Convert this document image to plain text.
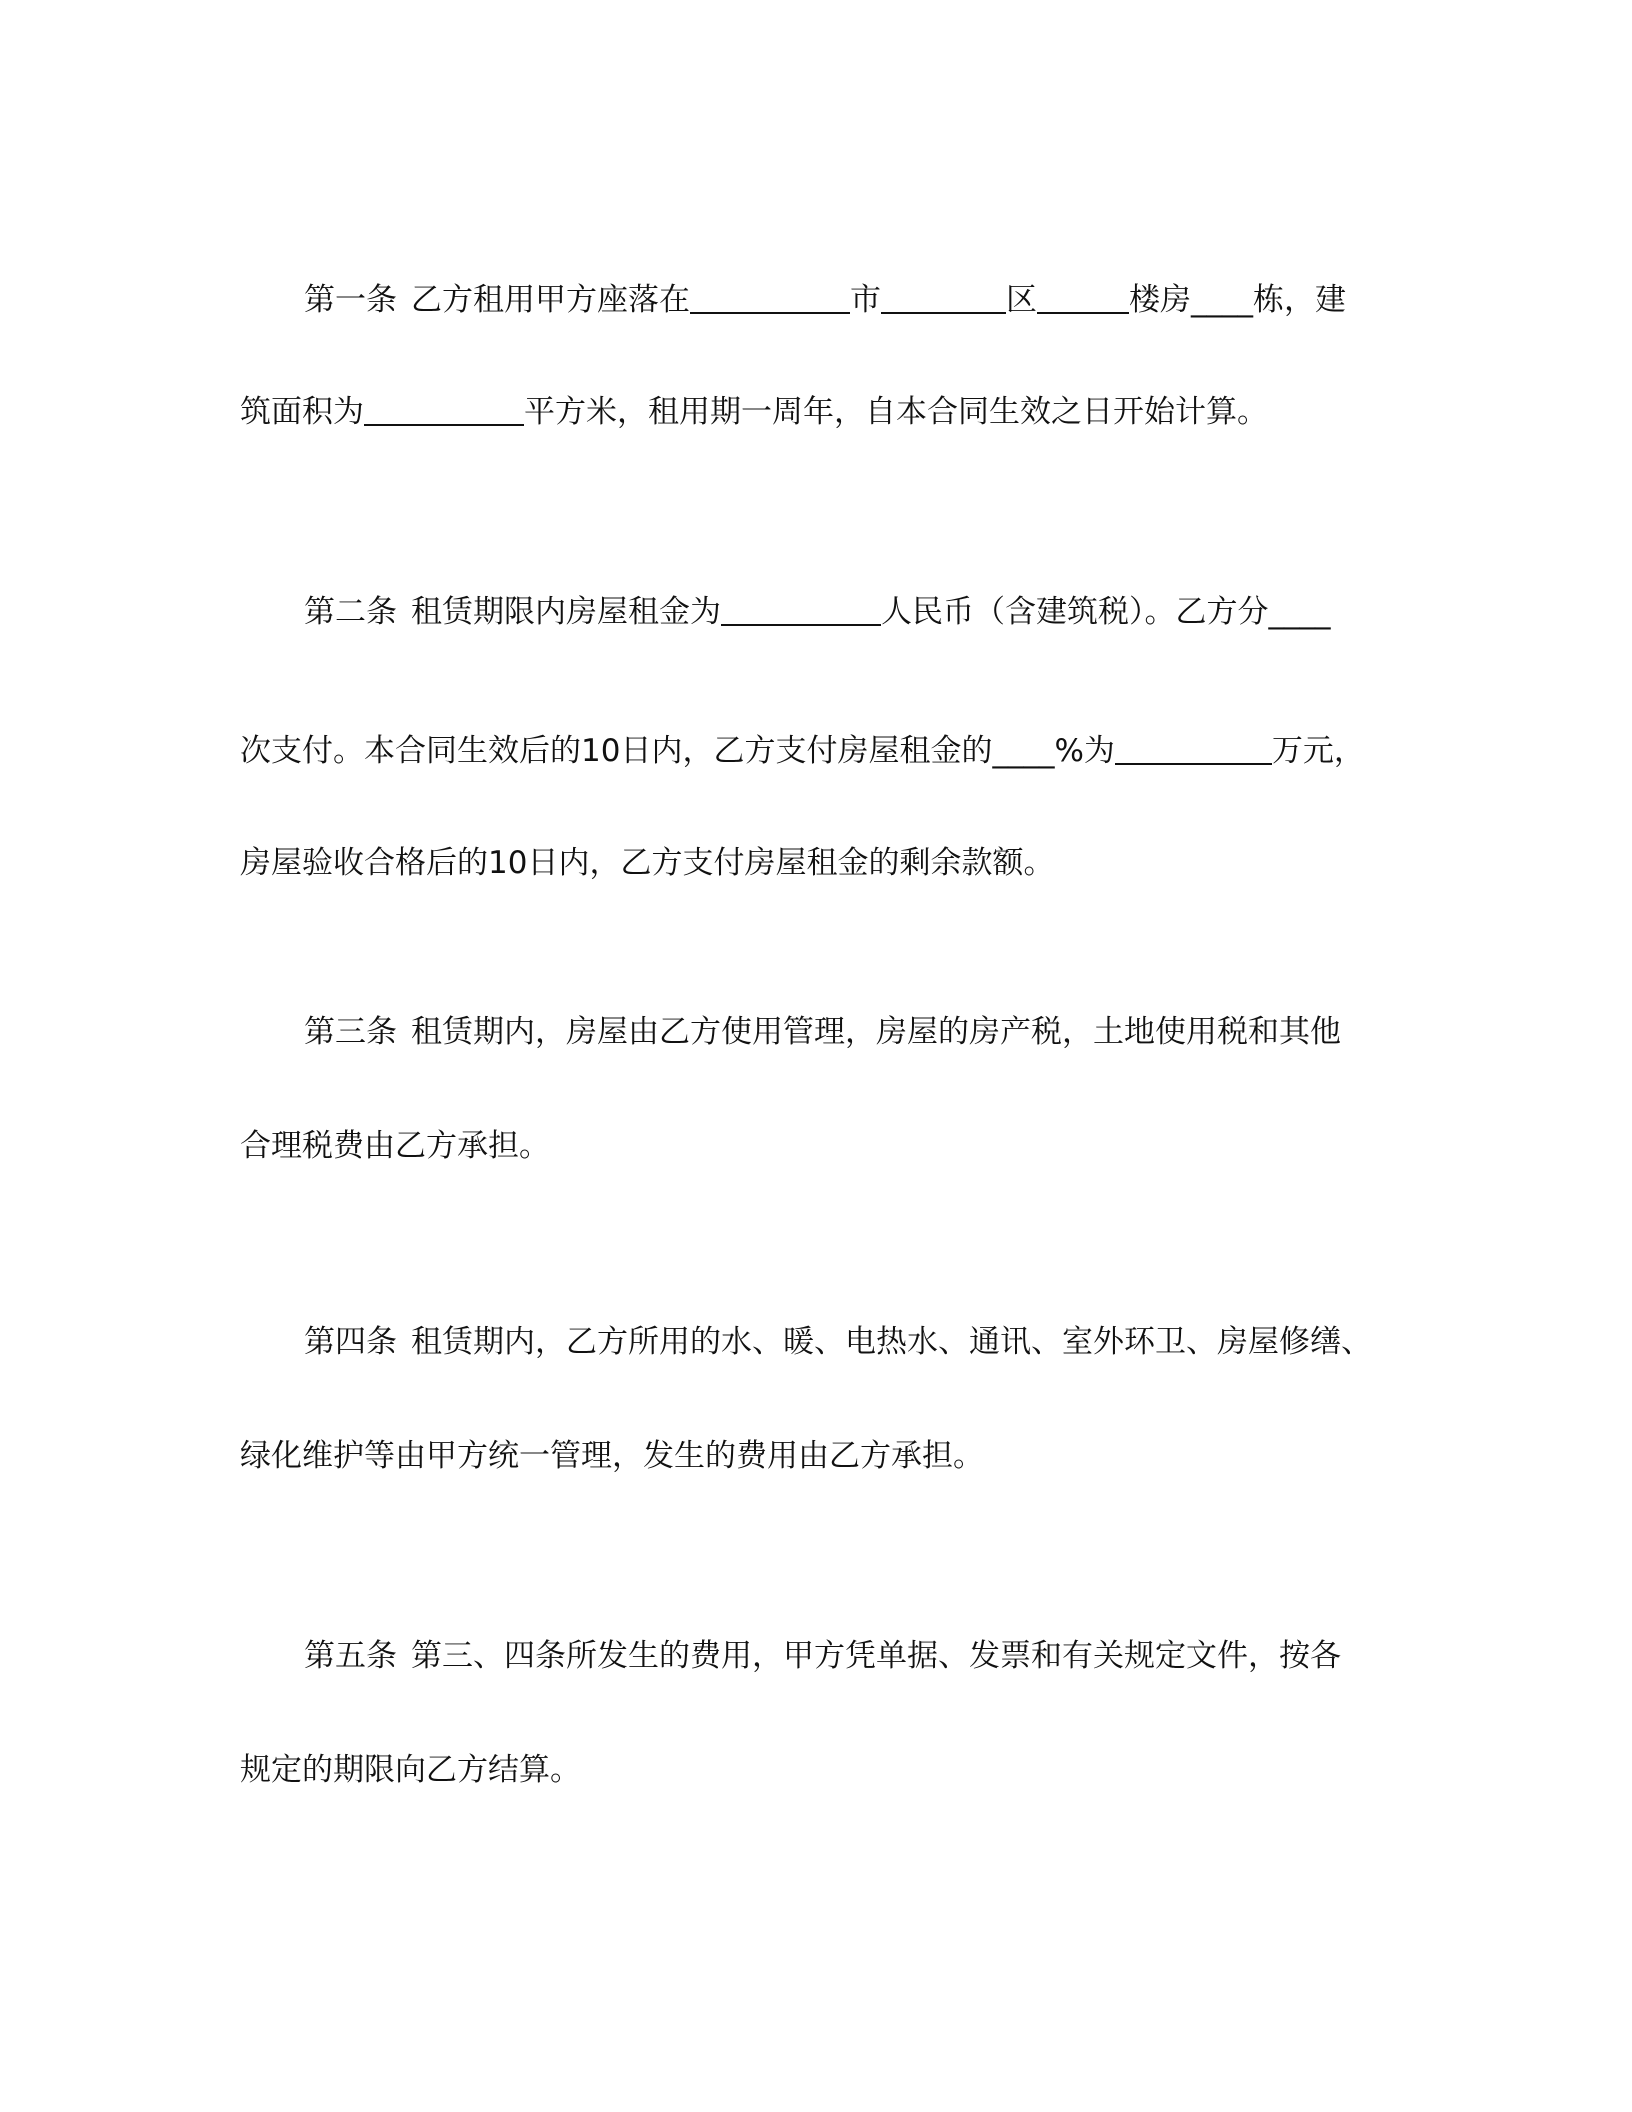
第一条 乙方租用甲方座落在	市	区	楼房____栋，建

筑面积为	平方米，租用期一周年，自本合同生效之日开始计算。

第二条 租赁期限内房屋租金为	人民币（含建筑税）。乙方分____

次支付。本合同生效后的10日内，乙方支付房屋租金的____%为	万元，

房屋验收合格后的10日内，乙方支付房屋租金的剩余款额。

第三条 租赁期内，房屋由乙方使用管理，房屋的房产税，土地使用税和其他

合理税费由乙方承担。

第四条 租赁期内，乙方所用的水、暖、电热水、通讯、室外环卫、房屋修缮、

绿化维护等由甲方统一管理，发生的费用由乙方承担。

第五条 第三、四条所发生的费用，甲方凭单据、发票和有关规定文件，按各

规定的期限向乙方结算。
